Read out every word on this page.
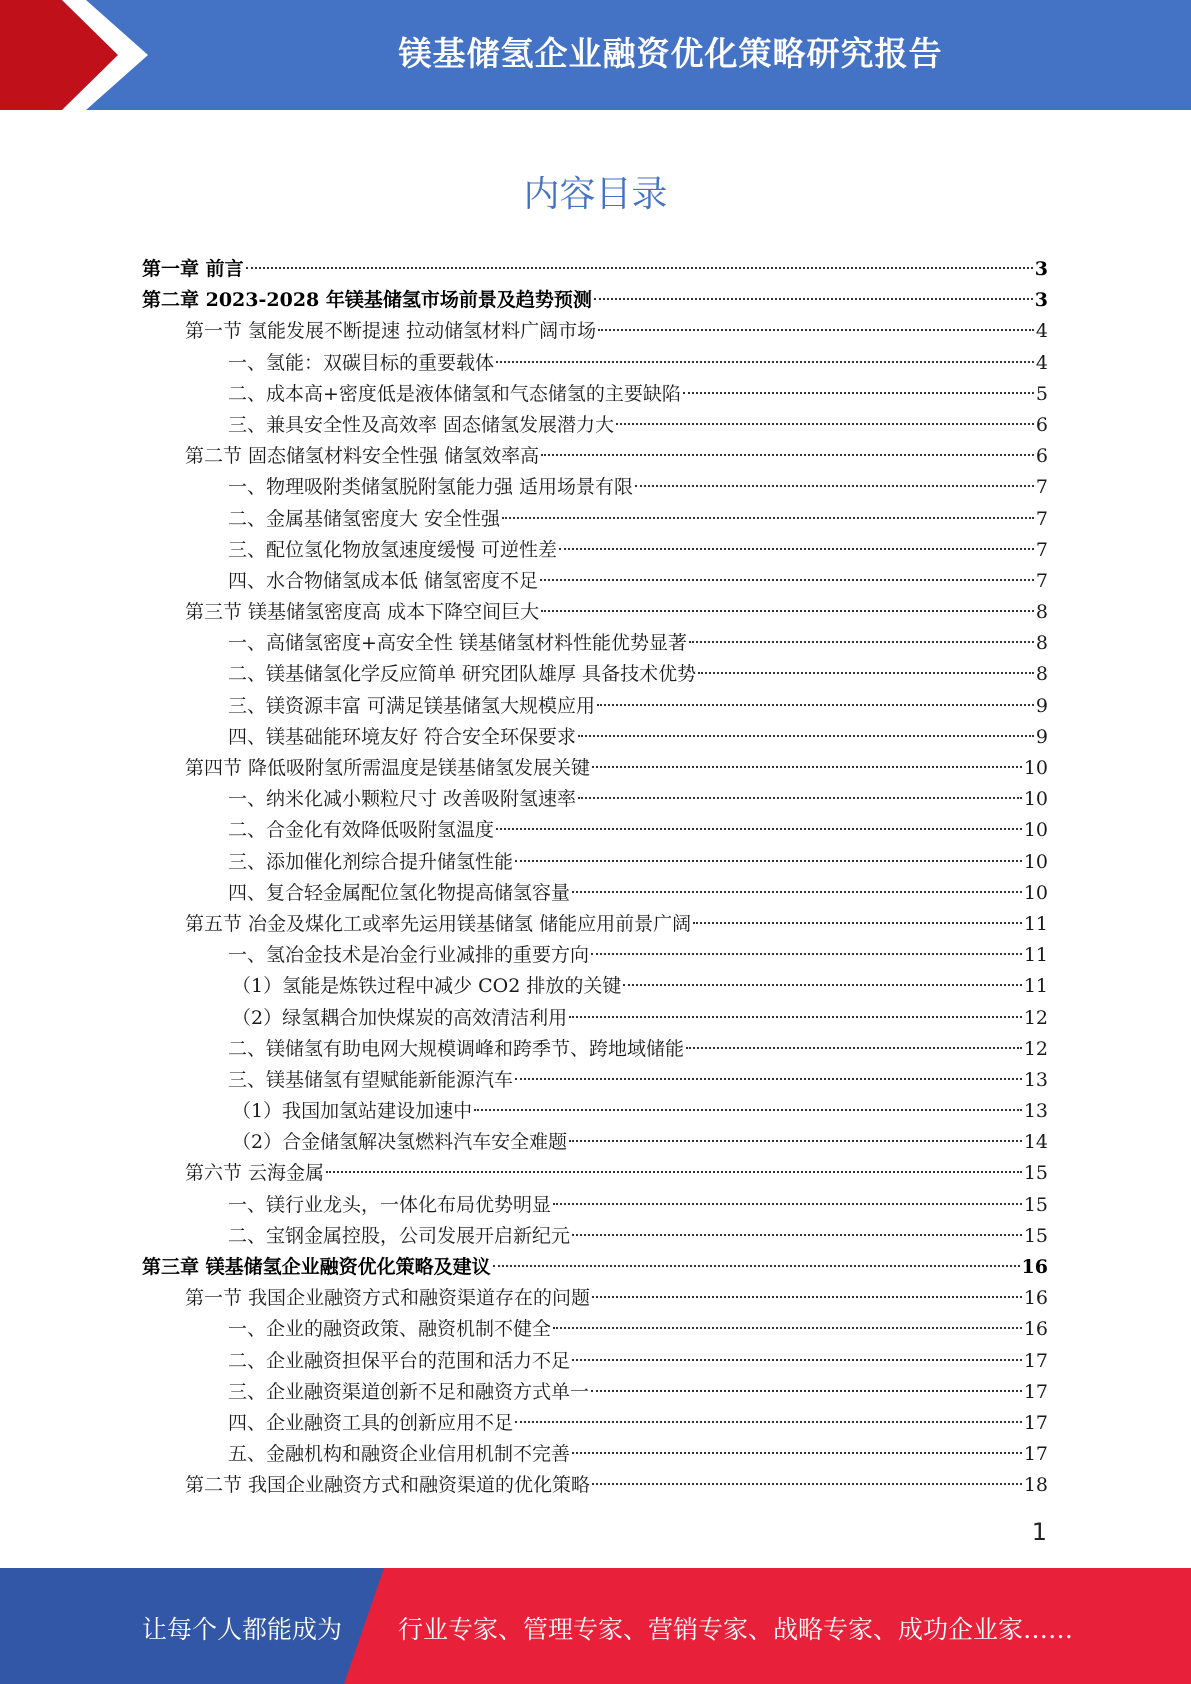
镁基储氢企业融资优化策略研究报告
内容目录
第一章 前言	3
第二章 2023-2028 年镁基储氢市场前景及趋势预测	3
第一节 氢能发展不断提速 拉动储氢材料广阔市场	4
一、氢能：双碳目标的重要载体	4
二、成本高+密度低是液体储氢和气态储氢的主要缺陷	5
三、兼具安全性及高效率 固态储氢发展潜力大	6
第二节 固态储氢材料安全性强 储氢效率高	6
一、物理吸附类储氢脱附氢能力强 适用场景有限	7
二、金属基储氢密度大 安全性强	7
三、配位氢化物放氢速度缓慢 可逆性差	7
四、水合物储氢成本低 储氢密度不足	7
第三节 镁基储氢密度高 成本下降空间巨大	8
一、高储氢密度+高安全性 镁基储氢材料性能优势显著	8
二、镁基储氢化学反应简单 研究团队雄厚 具备技术优势	8
三、镁资源丰富 可满足镁基储氢大规模应用	9
四、镁基础能环境友好 符合安全环保要求	9
第四节 降低吸附氢所需温度是镁基储氢发展关键	10
一、纳米化减小颗粒尺寸 改善吸附氢速率	10
二、合金化有效降低吸附氢温度	10
三、添加催化剂综合提升储氢性能	10
四、复合轻金属配位氢化物提高储氢容量	10
第五节 冶金及煤化工或率先运用镁基储氢 储能应用前景广阔	11
一、氢冶金技术是冶金行业减排的重要方向	11
（1）氢能是炼铁过程中减少 CO2 排放的关键	11
（2）绿氢耦合加快煤炭的高效清洁利用	12
二、镁储氢有助电网大规模调峰和跨季节、跨地域储能	12
三、镁基储氢有望赋能新能源汽车	13
（1）我国加氢站建设加速中	13
（2）合金储氢解决氢燃料汽车安全难题	14
第六节 云海金属	15
一、镁行业龙头，一体化布局优势明显	15
二、宝钢金属控股，公司发展开启新纪元	15
第三章 镁基储氢企业融资优化策略及建议	16
第一节 我国企业融资方式和融资渠道存在的问题	16
一、企业的融资政策、融资机制不健全	16
二、企业融资担保平台的范围和活力不足	17
三、企业融资渠道创新不足和融资方式单一	17
四、企业融资工具的创新应用不足	17
五、金融机构和融资企业信用机制不完善	17
第二节 我国企业融资方式和融资渠道的优化策略	18
1
让每个人都能成为 行业专家、管理专家、营销专家、战略专家、成功企业家……
